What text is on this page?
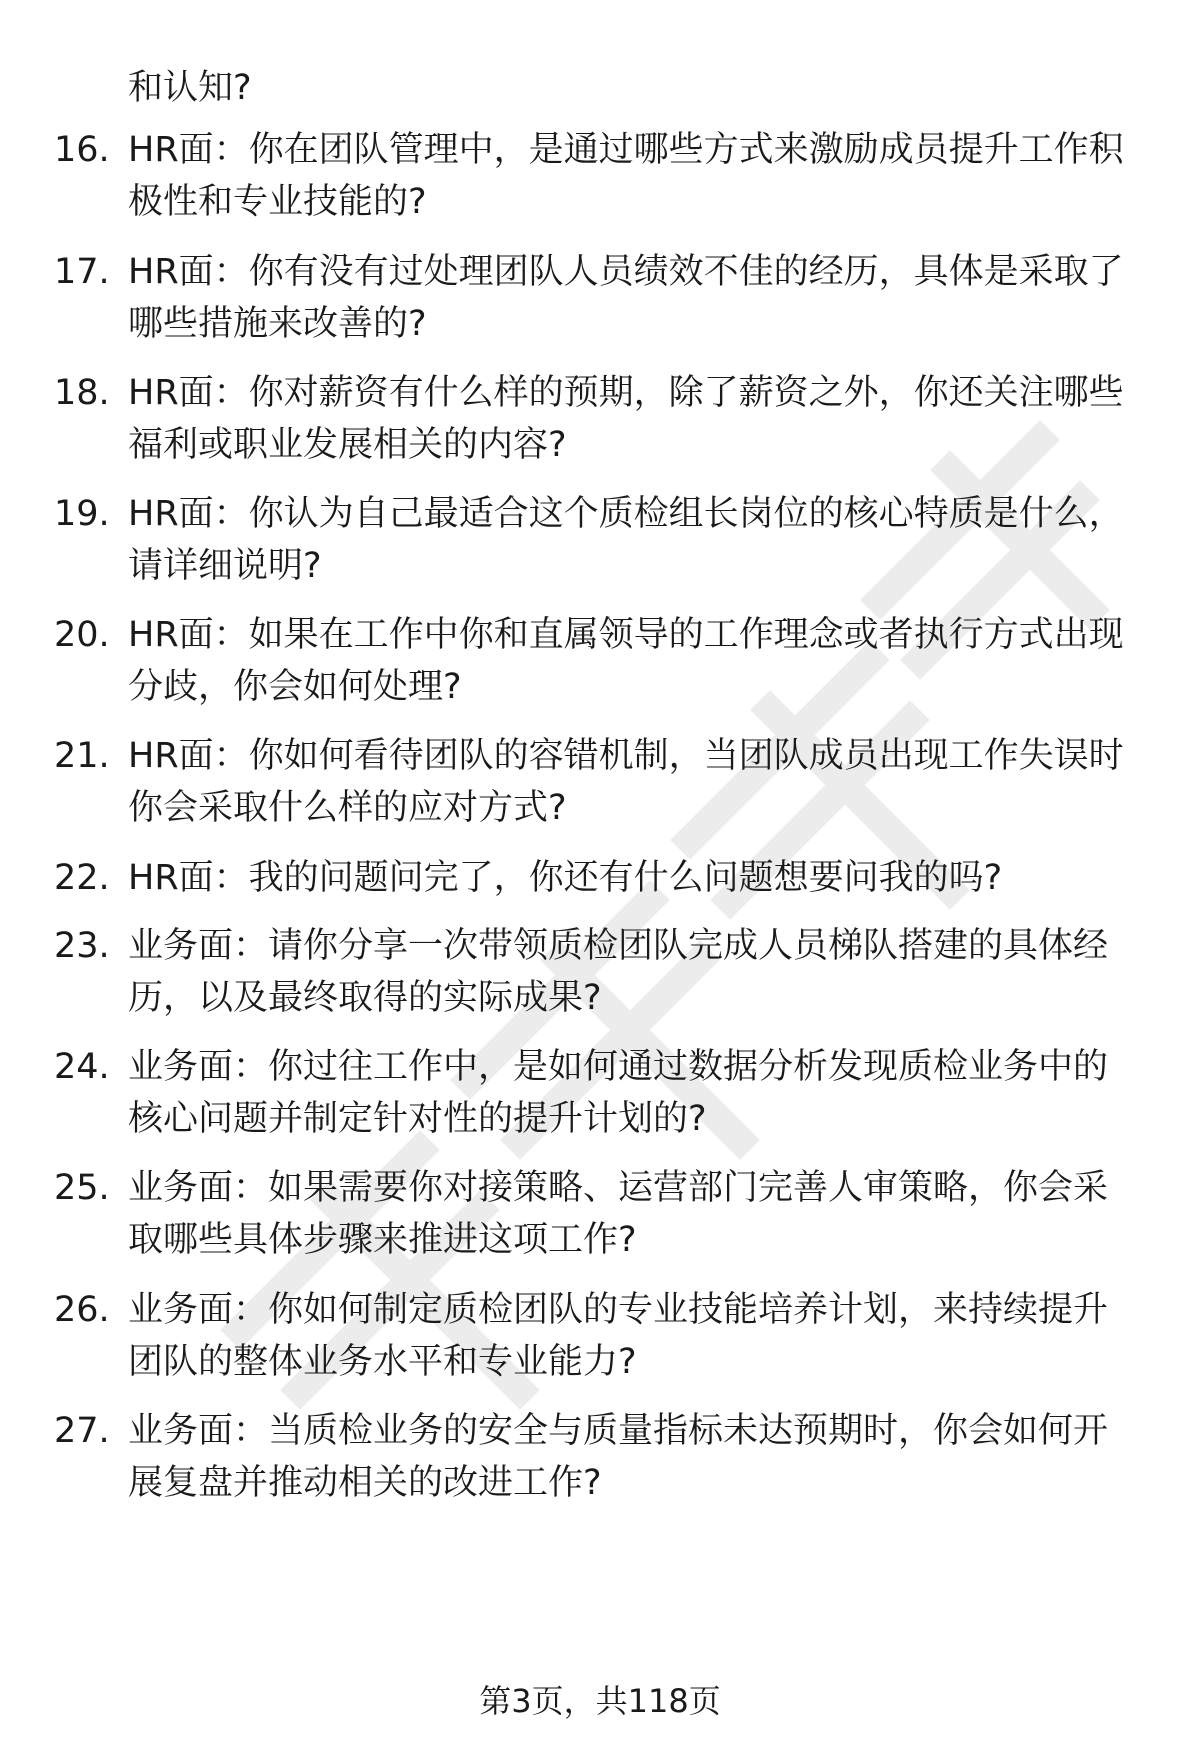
和认知?
16. HR面：你在团队管理中，是通过哪些方式来激励成员提升工作积
极性和专业技能的?
17. HR面：你有没有过处理团队人员绩效不佳的经历，具体是采取了
哪些措施来改善的?
18. HR面：你对薪资有什么样的预期，除了薪资之外，你还关注哪些
福利或职业发展相关的内容?
19. HR面：你认为自己最适合这个质检组长岗位的核心特质是什么，
请详细说明?
20. HR面：如果在工作中你和直属领导的工作理念或者执行方式出现
分歧，你会如何处理?
21. HR面：你如何看待团队的容错机制，当团队成员出现工作失误时
你会采取什么样的应对方式?
22. HR面：我的问题问完了，你还有什么问题想要问我的吗?
23. 业务面：请你分享一次带领质检团队完成人员梯队搭建的具体经
历，以及最终取得的实际成果?
24. 业务面：你过往工作中，是如何通过数据分析发现质检业务中的
核心问题并制定针对性的提升计划的?
25. 业务面：如果需要你对接策略、运营部门完善人审策略，你会采
取哪些具体步骤来推进这项工作?
26. 业务面：你如何制定质检团队的专业技能培养计划，来持续提升
团队的整体业务水平和专业能力?
27. 业务面：当质检业务的安全与质量指标未达预期时，你会如何开
展复盘并推动相关的改进工作?
第3页，共118页
